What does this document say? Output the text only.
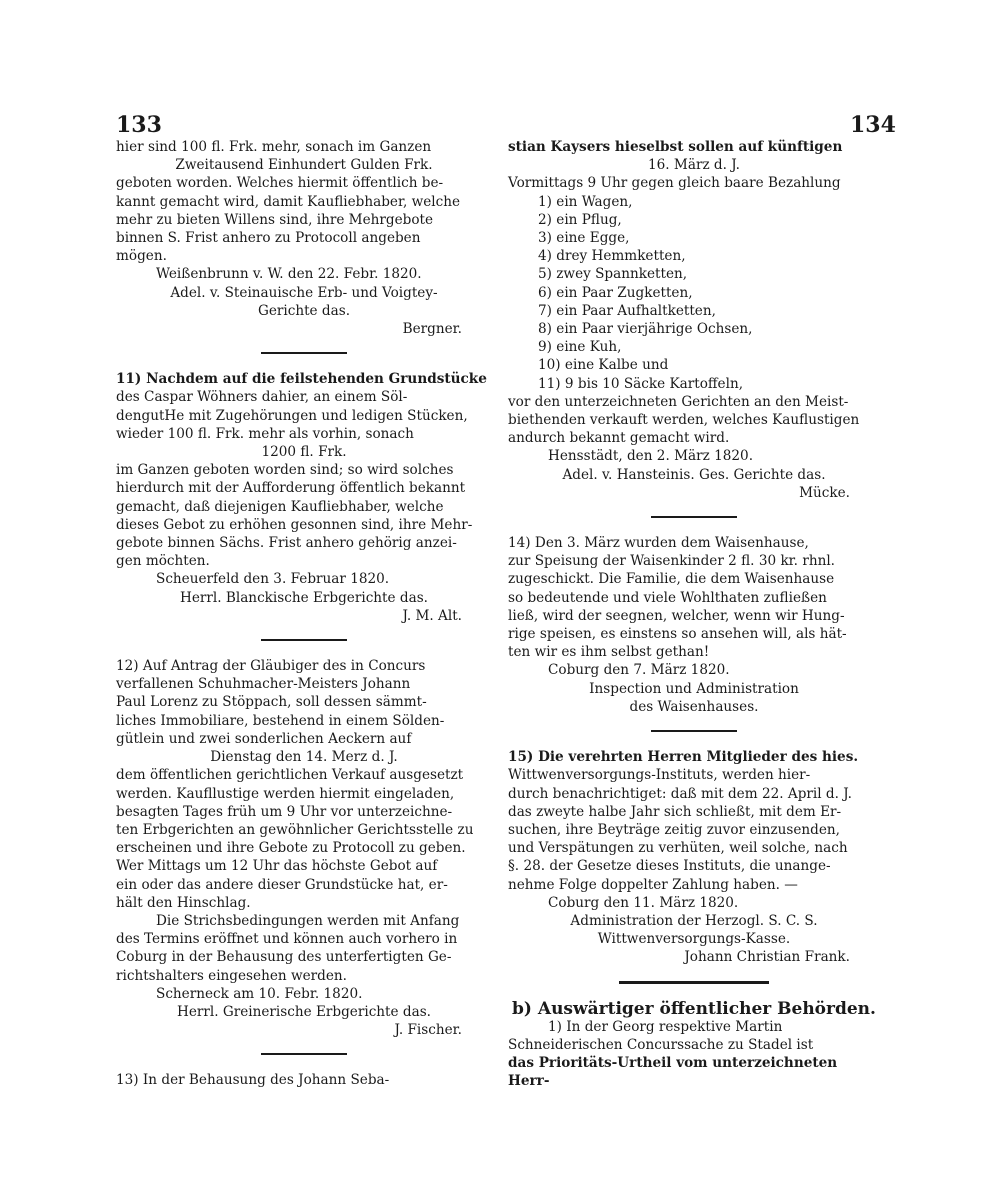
133	134

hier sind 100 fl. Frk. mehr, sonach im Ganzen

Zweitausend Einhundert Gulden Frk.

geboten worden. Welches hiermit öffentlich be-

kannt gemacht wird, damit Kaufliebhaber, welche

mehr zu bieten Willens sind, ihre Mehrgebote

binnen S. Frist anhero zu Protocoll angeben

mögen.

Weißenbrunn v. W. den 22. Febr. 1820.

Adel. v. Steinauische Erb- und Voigtey-

Gerichte das.

Bergner.

11) Nachdem auf die feilstehenden Grundstücke

des Caspar Wöhners dahier, an einem Söl-

dengutHe mit Zugehörungen und ledigen Stücken,

wieder 100 fl. Frk. mehr als vorhin, sonach

1200 fl. Frk.

im Ganzen geboten worden sind; so wird solches

hierdurch mit der Aufforderung öffentlich bekannt

gemacht, daß diejenigen Kaufliebhaber, welche

dieses Gebot zu erhöhen gesonnen sind, ihre Mehr-

gebote binnen Sächs. Frist anhero gehörig anzei-

gen möchten.

Scheuerfeld den 3. Februar 1820.

Herrl. Blanckische Erbgerichte das.

J. M. Alt.

12) Auf Antrag der Gläubiger des in Concurs

verfallenen Schuhmacher-Meisters Johann

Paul Lorenz zu Stöppach, soll dessen sämmt-

liches Immobiliare, bestehend in einem Sölden-

gütlein und zwei sonderlichen Aeckern auf

Dienstag den 14. Merz d. J.

dem öffentlichen gerichtlichen Verkauf ausgesetzt

werden. Kaufllustige werden hiermit eingeladen,

besagten Tages früh um 9 Uhr vor unterzeichne-

ten Erbgerichten an gewöhnlicher Gerichtsstelle zu

erscheinen und ihre Gebote zu Protocoll zu geben.

Wer Mittags um 12 Uhr das höchste Gebot auf

ein oder das andere dieser Grundstücke hat, er-

hält den Hinschlag.

Die Strichsbedingungen werden mit Anfang

des Termins eröffnet und können auch vorhero in

Coburg in der Behausung des unterfertigten Ge-

richtshalters eingesehen werden.

Scherneck am 10. Febr. 1820.

Herrl. Greinerische Erbgerichte das.

J. Fischer.

13) In der Behausung des Johann Seba-

stian Kaysers hieselbst sollen auf künftigen

16. März d. J.

Vormittags 9 Uhr gegen gleich baare Bezahlung

1) ein Wagen,

2) ein Pflug,

3) eine Egge,

4) drey Hemmketten,

5) zwey Spannketten,

6) ein Paar Zugketten,

7) ein Paar Aufhaltketten,

8) ein Paar vierjährige Ochsen,

9) eine Kuh,

10) eine Kalbe und

11) 9 bis 10 Säcke Kartoffeln,

vor den unterzeichneten Gerichten an den Meist-

biethenden verkauft werden, welches Kauflustigen

andurch bekannt gemacht wird.

Hensstädt, den 2. März 1820.

Adel. v. Hansteinis. Ges. Gerichte das.

Mücke.

14) Den 3. März wurden dem Waisenhause,

zur Speisung der Waisenkinder 2 fl. 30 kr. rhnl.

zugeschickt. Die Familie, die dem Waisenhause

so bedeutende und viele Wohlthaten zufließen

ließ, wird der seegnen, welcher, wenn wir Hung-

rige speisen, es einstens so ansehen will, als hät-

ten wir es ihm selbst gethan!

Coburg den 7. März 1820.

Inspection und Administration

des Waisenhauses.

15) Die verehrten Herren Mitglieder des hies.

Wittwenversorgungs-Instituts, werden hier-

durch benachrichtiget: daß mit dem 22. April d. J.

das zweyte halbe Jahr sich schließt, mit dem Er-

suchen, ihre Beyträge zeitig zuvor einzusenden,

und Verspätungen zu verhüten, weil solche, nach

§. 28. der Gesetze dieses Instituts, die unange-

nehme Folge doppelter Zahlung haben. —

Coburg den 11. März 1820.

Administration der Herzogl. S. C. S.

Wittwenversorgungs-Kasse.

Johann Christian Frank.

b) Auswärtiger öffentlicher Behörden.

1) In der Georg respektive Martin

Schneiderischen Concurssache zu Stadel ist

das Prioritäts-Urtheil vom unterzeichneten Herr-
